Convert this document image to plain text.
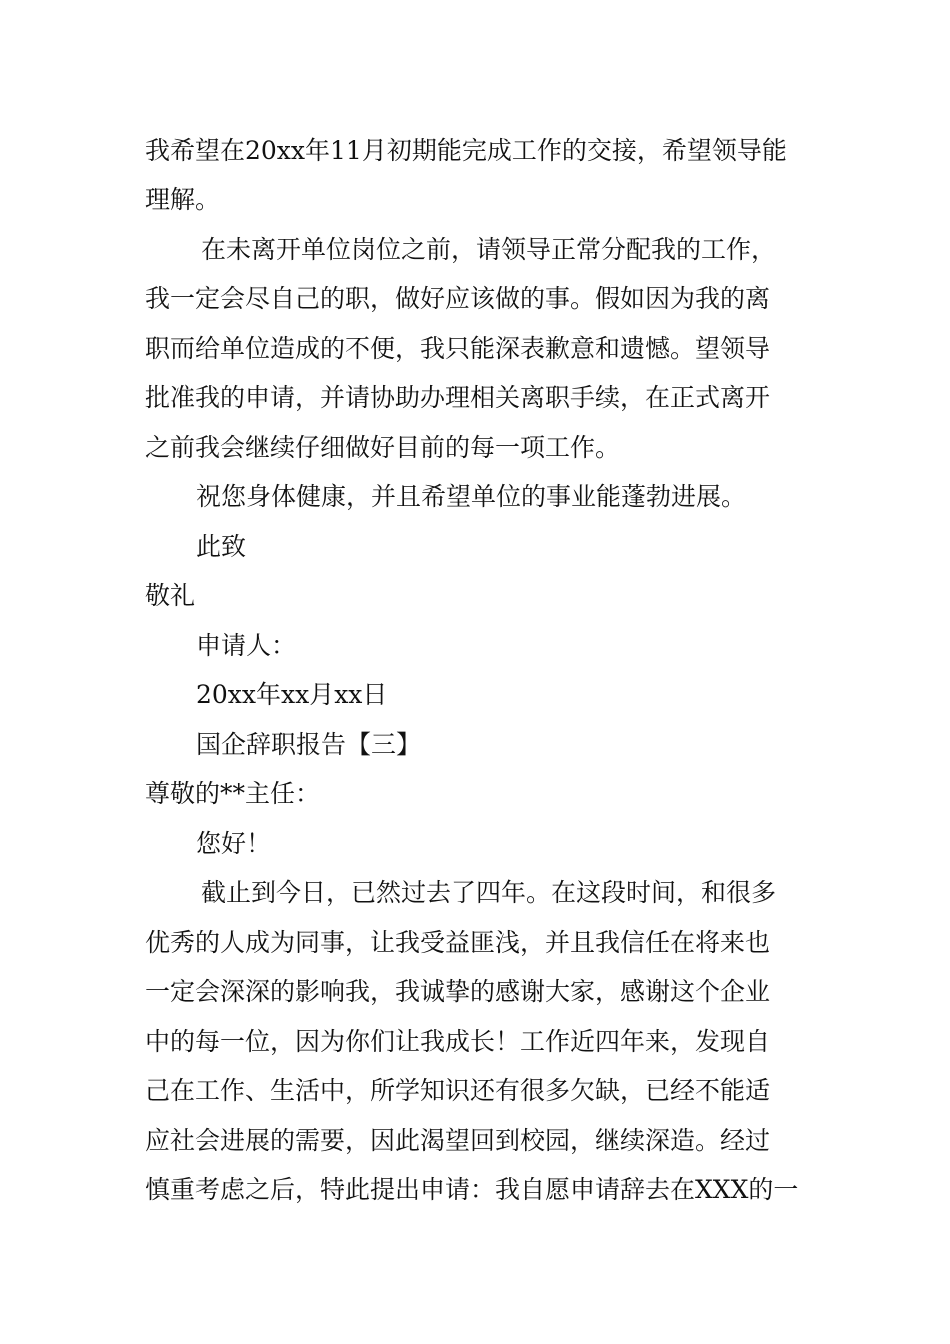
我希望在20xx年11月初期能完成工作的交接，希望领导能
理解。
在未离开单位岗位之前，请领导正常分配我的工作，
我一定会尽自己的职，做好应该做的事。假如因为我的离
职而给单位造成的不便，我只能深表歉意和遗憾。望领导
批准我的申请，并请协助办理相关离职手续，在正式离开
之前我会继续仔细做好目前的每一项工作。
祝您身体健康，并且希望单位的事业能蓬勃进展。
此致
敬礼
申请人：
20xx年xx月xx日
国企辞职报告【三】
尊敬的**主任：
您好！
截止到今日，已然过去了四年。在这段时间，和很多
优秀的人成为同事，让我受益匪浅，并且我信任在将来也
一定会深深的影响我，我诚挚的感谢大家，感谢这个企业
中的每一位，因为你们让我成长！工作近四年来，发现自
己在工作、生活中，所学知识还有很多欠缺，已经不能适
应社会进展的需要，因此渴望回到校园，继续深造。经过
慎重考虑之后，特此提出申请：我自愿申请辞去在XXX的一
